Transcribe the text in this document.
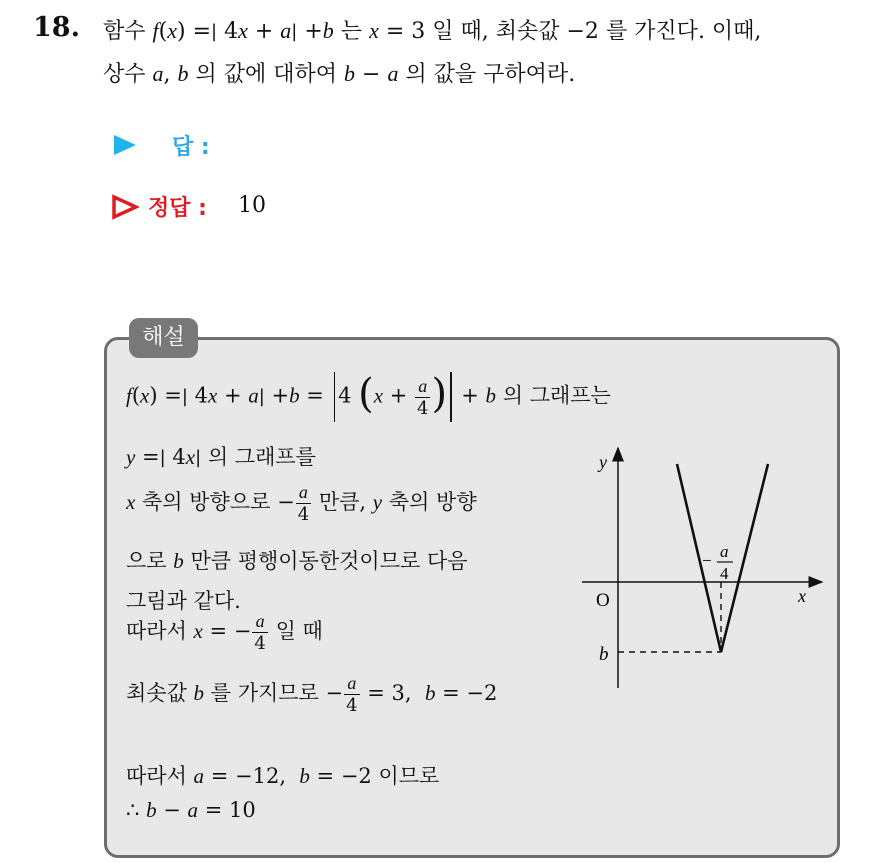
18. 함수 f(x) =| 4x + a| +b 는 x = 3 일 때, 최솟값 −2 를 가진다. 이때,
상수 a, b 의 값에 대하여 b − a 의 값을 구하여라.
답 :
정답 : 10
해설
f(x) =| 4x + a| +b = 4 ($x + \frac{a}{4}$ ) + b 의 그래프는
y =| 4x| 의 그래프를
x 축의 방향으로 − $\frac{a}{4}$ 만큼, y 축의 방향
으로 b 만큼 평행이동한것이므로 다음
그림과 같다.
따라서 x = − $\frac{a}{4}$ 일 때
최솟값 b 를 가지므로 − $\frac{a}{4} = 3$, b = −2
따라서 a = −12, b = −2 이므로
∴ b − a = 10
y
x
O
b
− a
4
